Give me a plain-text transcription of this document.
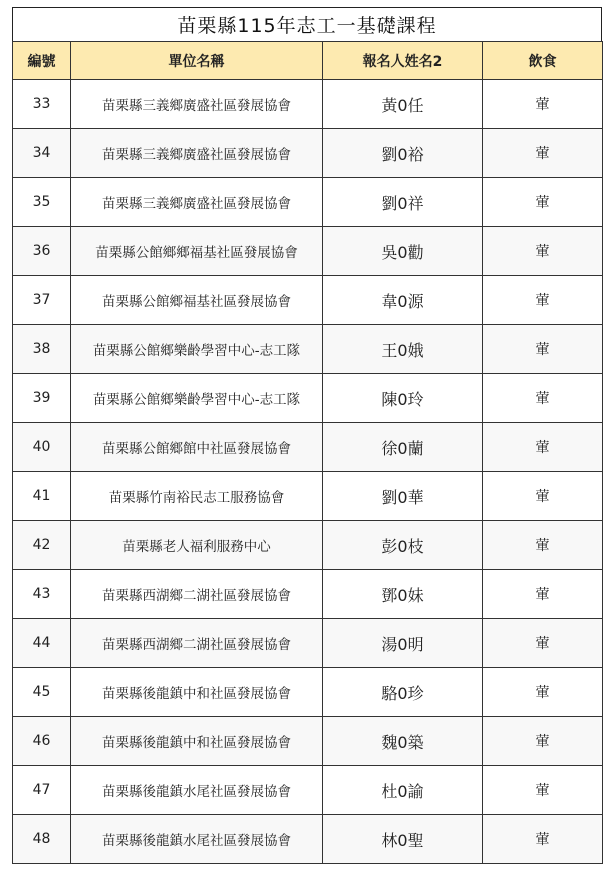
苗栗縣115年志工一基礎課程
編號	單位名稱	報名人姓名2	飲食
33	苗栗縣三義鄉廣盛社區發展協會	黃0任	葷
34	苗栗縣三義鄉廣盛社區發展協會	劉0裕	葷
35	苗栗縣三義鄉廣盛社區發展協會	劉0祥	葷
36	苗栗縣公館鄉鄉福基社區發展協會	吳0勸	葷
37	苗栗縣公館鄉福基社區發展協會	韋0源	葷
38	苗栗縣公館鄉樂齡學習中心-志工隊	王0娥	葷
39	苗栗縣公館鄉樂齡學習中心-志工隊	陳0玲	葷
40	苗栗縣公館鄉館中社區發展協會	徐0蘭	葷
41	苗栗縣竹南裕民志工服務協會	劉0華	葷
42	苗栗縣老人福利服務中心	彭0枝	葷
43	苗栗縣西湖鄉二湖社區發展協會	鄧0妹	葷
44	苗栗縣西湖鄉二湖社區發展協會	湯0明	葷
45	苗栗縣後龍鎮中和社區發展協會	駱0珍	葷
46	苗栗縣後龍鎮中和社區發展協會	魏0築	葷
47	苗栗縣後龍鎮水尾社區發展協會	杜0諭	葷
48	苗栗縣後龍鎮水尾社區發展協會	林0聖	葷
